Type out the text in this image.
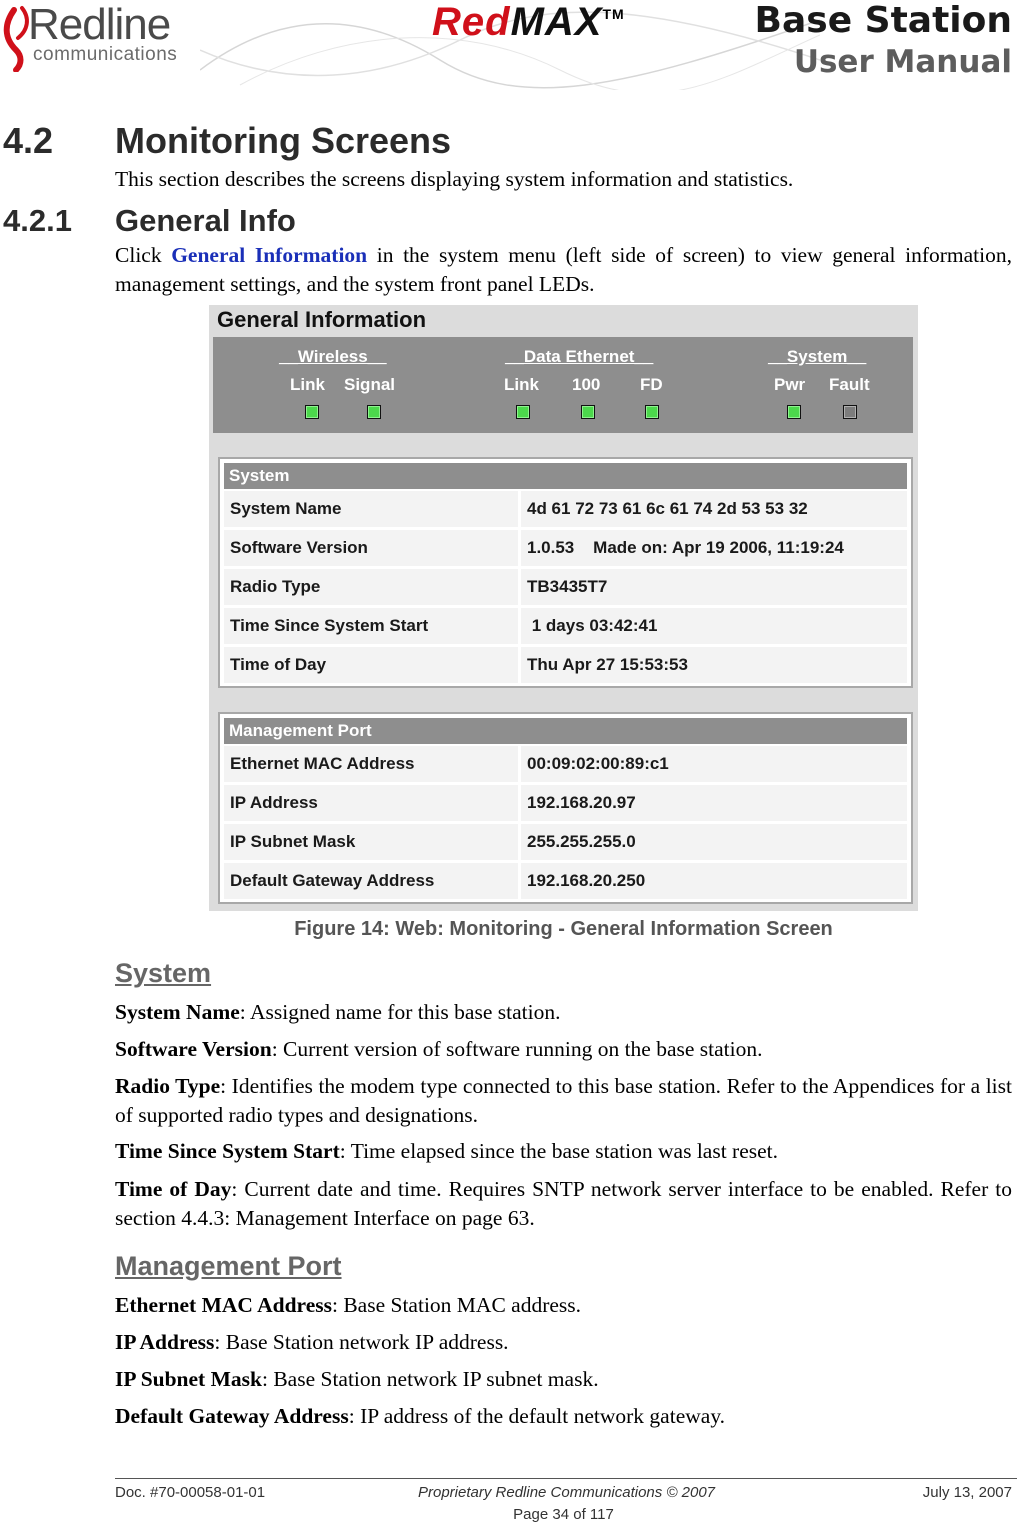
Redline
communications
RedMAX™	Base Station
User Manual
4.2 Monitoring Screens
This section describes the screens displaying system information and statistics.
4.2.1 General Info
Click General Information in the system menu (left side of screen) to view general information, management settings, and the system front panel LEDs.
General Information
__Wireless__	__Data Ethernet__	__System__
Link Signal	Link 100 FD	Pwr Fault
System
System Name	4d 61 72 73 61 6c 61 74 2d 53 53 32
Software Version	1.0.53    Made on: Apr 19 2006, 11:19:24
Radio Type	TB3435T7
Time Since System Start	1 days 03:42:41
Time of Day	Thu Apr 27 15:53:53
Management Port
Ethernet MAC Address	00:09:02:00:89:c1
IP Address	192.168.20.97
IP Subnet Mask	255.255.255.0
Default Gateway Address	192.168.20.250
Figure 14: Web: Monitoring - General Information Screen
System
System Name: Assigned name for this base station.
Software Version: Current version of software running on the base station.
Radio Type: Identifies the modem type connected to this base station. Refer to the Appendices for a list of supported radio types and designations.
Time Since System Start: Time elapsed since the base station was last reset.
Time of Day: Current date and time. Requires SNTP network server interface to be enabled. Refer to section 4.4.3: Management Interface on page 63.
Management Port
Ethernet MAC Address: Base Station MAC address.
IP Address: Base Station network IP address.
IP Subnet Mask: Base Station network IP subnet mask.
Default Gateway Address: IP address of the default network gateway.
Doc. #70-00058-01-01	Proprietary Redline Communications © 2007	July 13, 2007
Page 34 of 117
